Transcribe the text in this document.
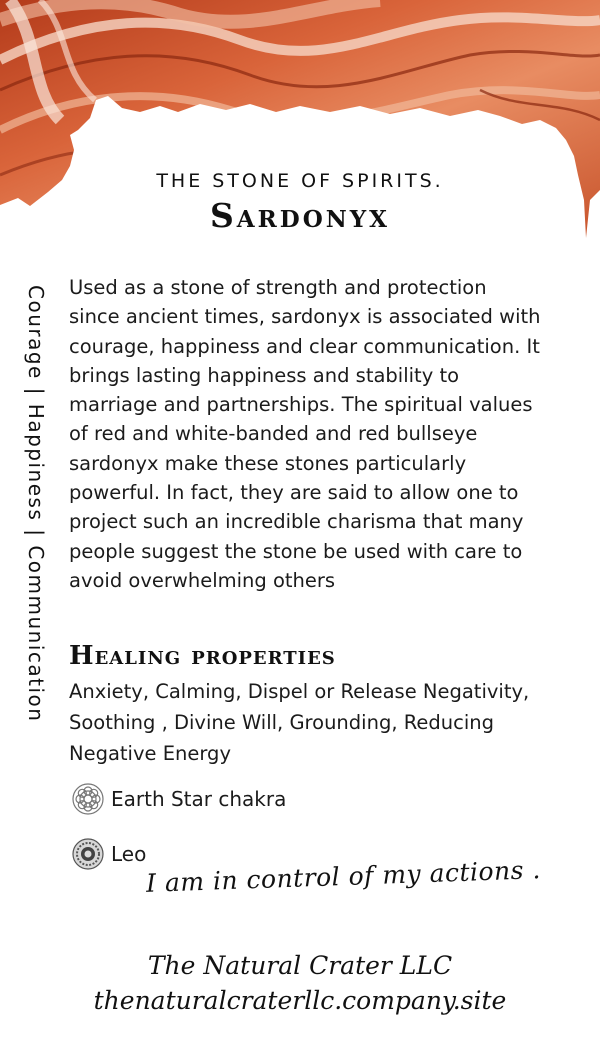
THE STONE OF SPIRITS.
Sardonyx
Courage | Happiness | Communication Used as a stone of strength and protection since ancient times, sardonyx is associated with courage, happiness and clear communication. It brings lasting happiness and stability to marriage and partnerships. The spiritual values of red and white-banded and red bullseye sardonyx make these stones particularly powerful. In fact, they are said to allow one to project such an incredible charisma that many people suggest the stone be used with care to avoid overwhelming others

Healing properties

Anxiety, Calming, Dispel or Release Negativity, Soothing , Divine Will, Grounding, Reducing Negative Energy

Earth Star chakra
Leo
I am in control of my actions .
The Natural Crater LLC
thenaturalcraterllc.company.site
